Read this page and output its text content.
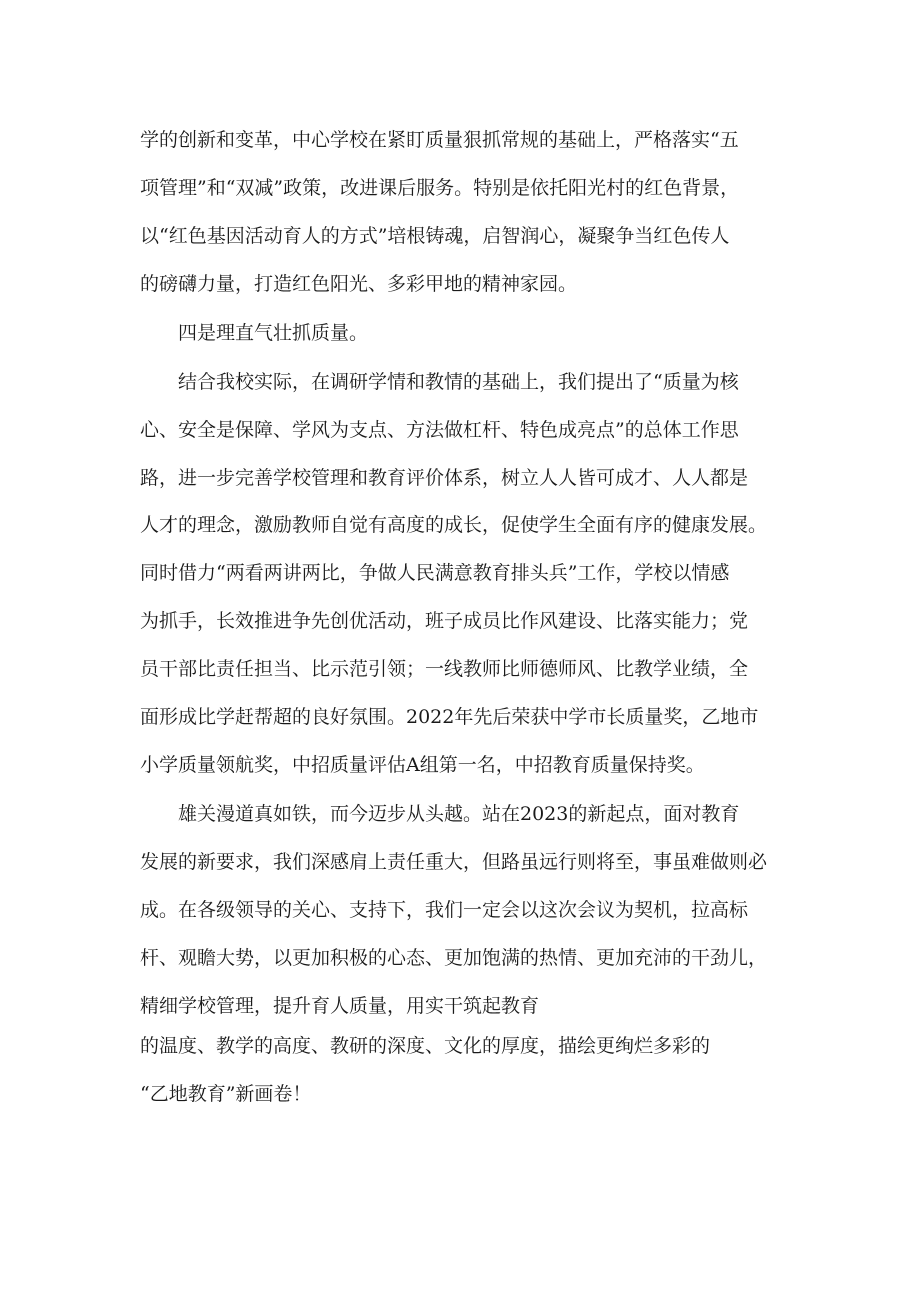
学的创新和变革，中心学校在紧盯质量狠抓常规的基础上，严格落实“五
项管理”和“双减”政策，改进课后服务。特别是依托阳光村的红色背景，
以“红色基因活动育人的方式”培根铸魂，启智润心，凝聚争当红色传人
的磅礴力量，打造红色阳光、多彩甲地的精神家园。
四是理直气壮抓质量。
结合我校实际，在调研学情和教情的基础上，我们提出了“质量为核
心、安全是保障、学风为支点、方法做杠杆、特色成亮点”的总体工作思
路，进一步完善学校管理和教育评价体系，树立人人皆可成才、人人都是
人才的理念，激励教师自觉有高度的成长，促使学生全面有序的健康发展。
同时借力“两看两讲两比，争做人民满意教育排头兵”工作，学校以情感
为抓手，长效推进争先创优活动，班子成员比作风建设、比落实能力；党
员干部比责任担当、比示范引领；一线教师比师德师风、比教学业绩，全
面形成比学赶帮超的良好氛围。2022年先后荣获中学市长质量奖，乙地市
小学质量领航奖，中招质量评估A组第一名，中招教育质量保持奖。
雄关漫道真如铁，而今迈步从头越。站在2023的新起点，面对教育
发展的新要求，我们深感肩上责任重大，但路虽远行则将至，事虽难做则必
成。在各级领导的关心、支持下，我们一定会以这次会议为契机，拉高标
杆、观瞻大势，以更加积极的心态、更加饱满的热情、更加充沛的干劲儿，
精细学校管理，提升育人质量，用实干筑起教育
的温度、教学的高度、教研的深度、文化的厚度，描绘更绚烂多彩的
“乙地教育”新画卷！
